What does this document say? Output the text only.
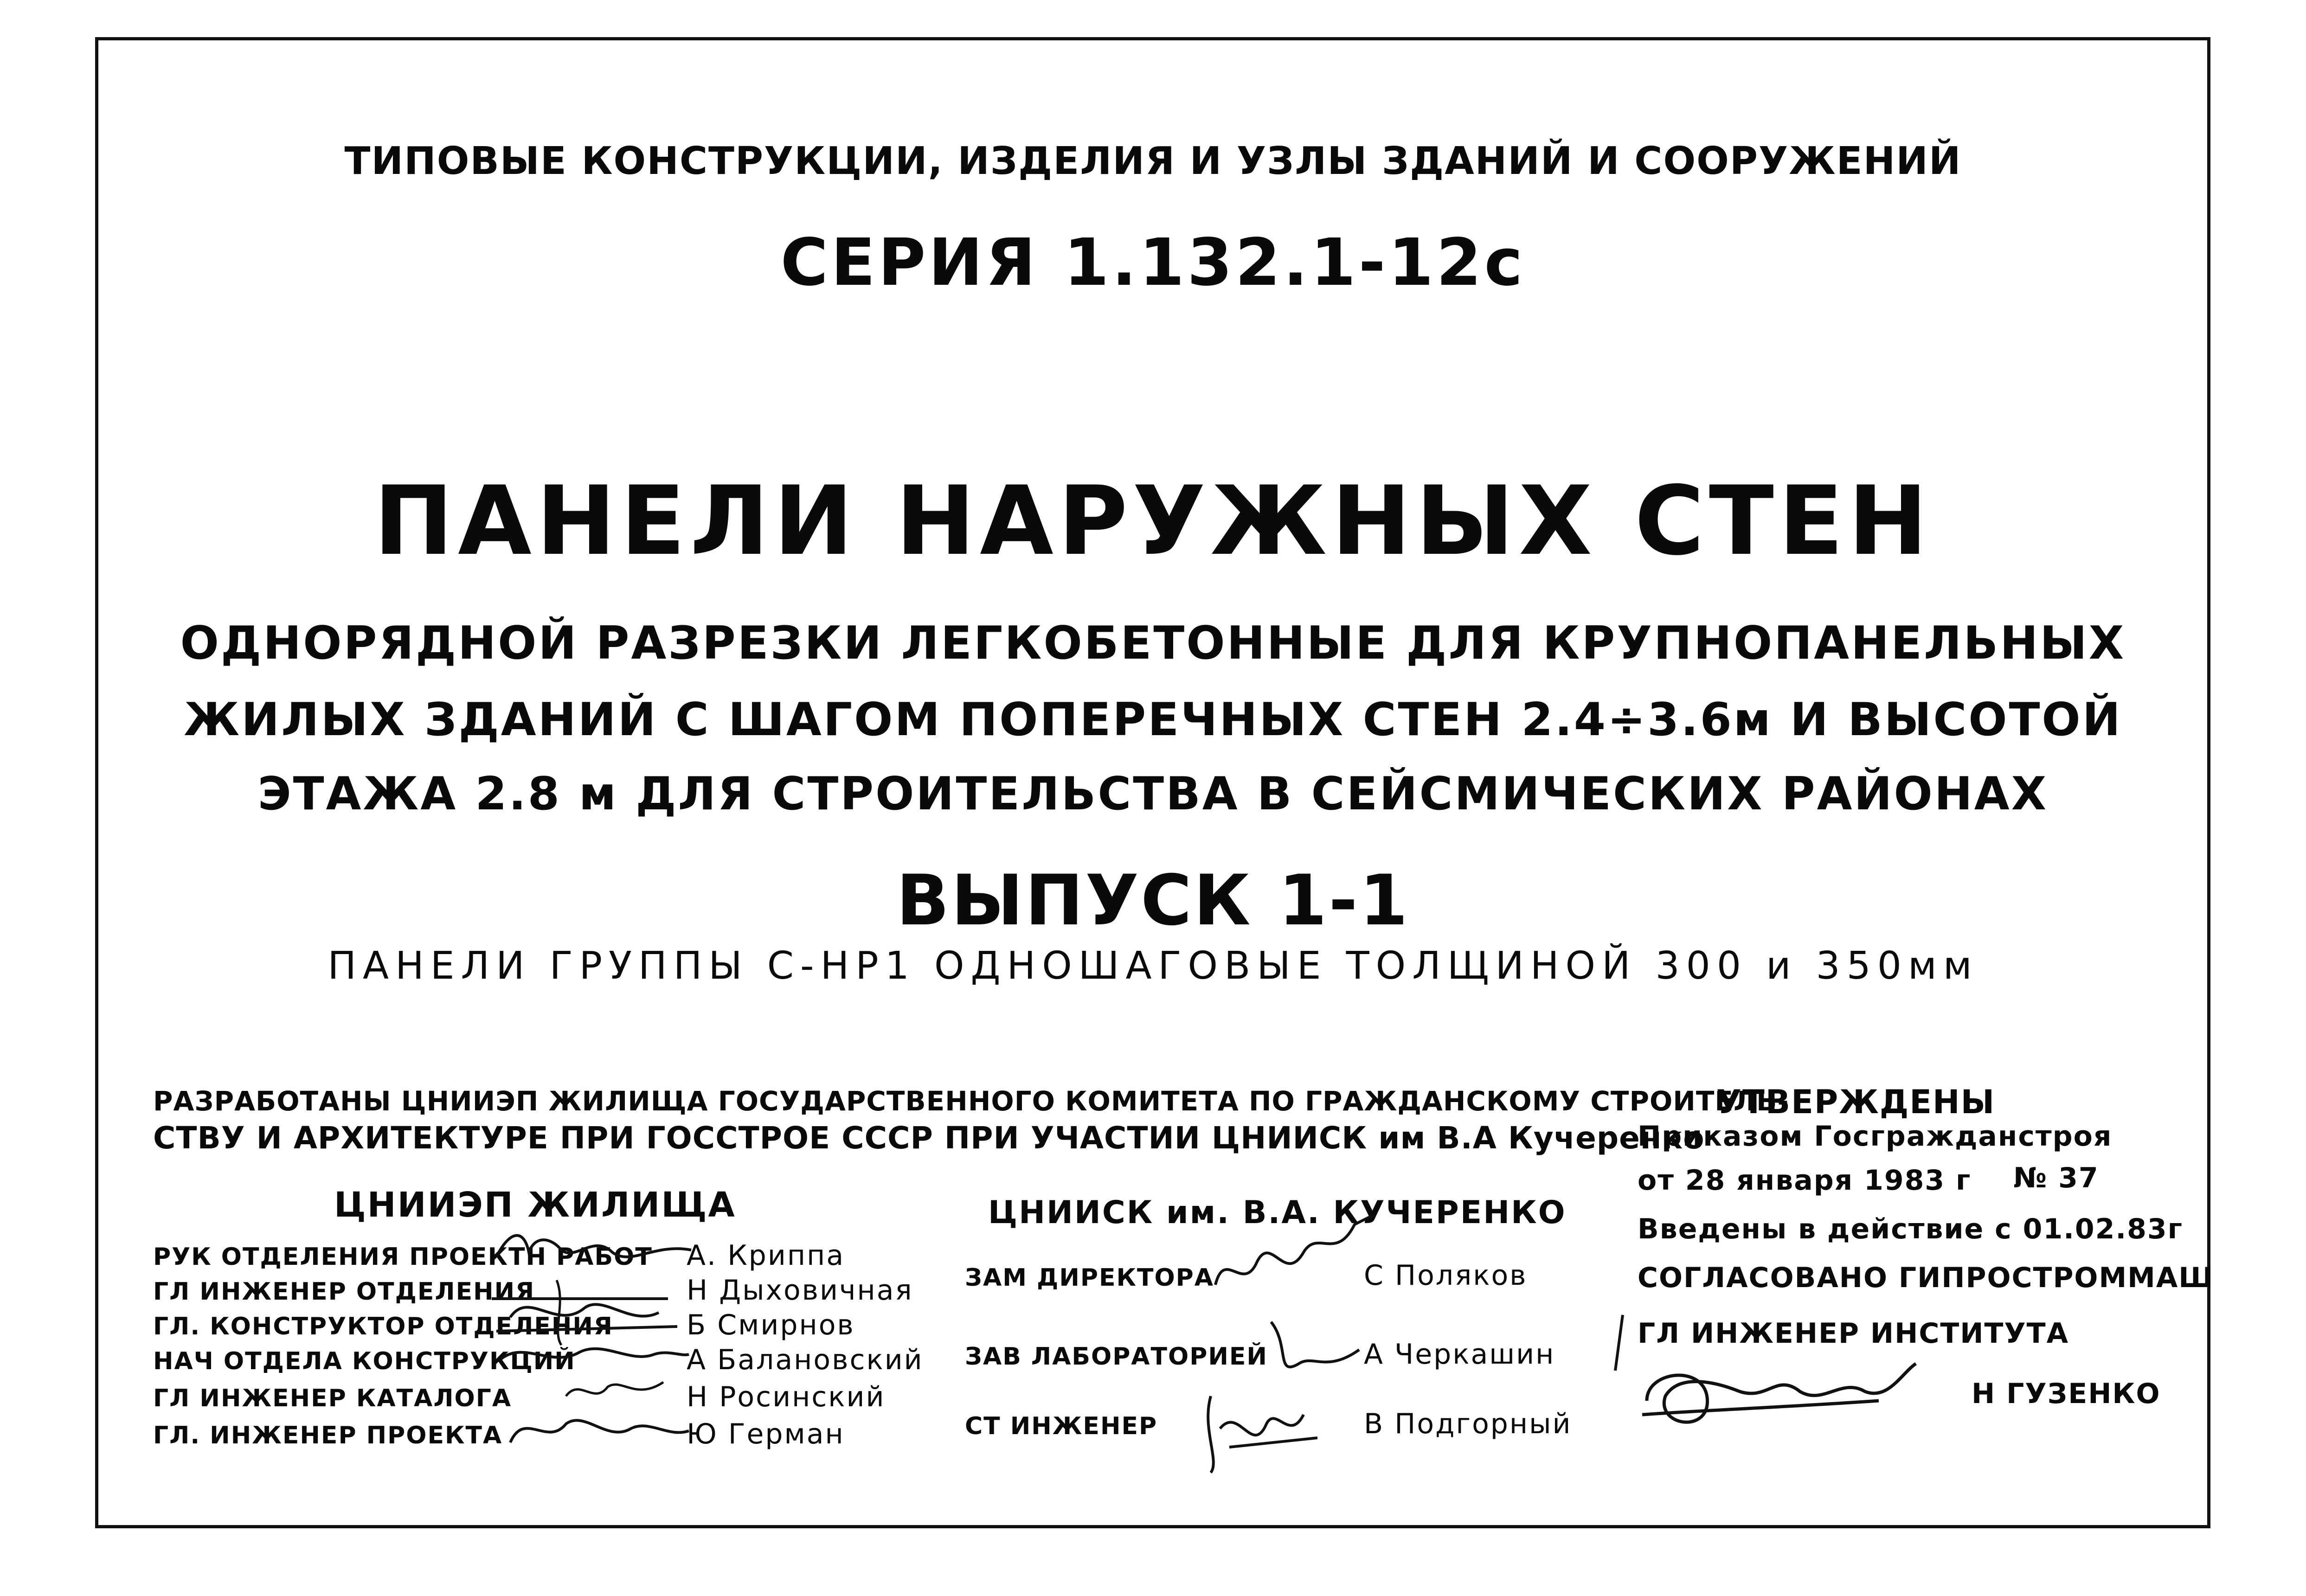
ТИПОВЫЕ КОНСТРУКЦИИ, ИЗДЕЛИЯ И УЗЛЫ ЗДАНИЙ И СООРУЖЕНИЙ
СЕРИЯ 1.132.1-12с
ПАНЕЛИ НАРУЖНЫХ СТЕН
ОДНОРЯДНОЙ РАЗРЕЗКИ ЛЕГКОБЕТОННЫЕ ДЛЯ КРУПНОПАНЕЛЬНЫХ
ЖИЛЫХ ЗДАНИЙ С ШАГОМ ПОПЕРЕЧНЫХ СТЕН 2.4÷3.6м И ВЫСОТОЙ
ЭТАЖА 2.8 м ДЛЯ СТРОИТЕЛЬСТВА В СЕЙСМИЧЕСКИХ РАЙОНАХ
ВЫПУСК 1-1
ПАНЕЛИ ГРУППЫ С-НР1 ОДНОШАГОВЫЕ ТОЛЩИНОЙ 300 и 350мм
РАЗРАБОТАНЫ ЦНИИЭП ЖИЛИЩА ГОСУДАРСТВЕННОГО КОМИТЕТА ПО ГРАЖДАНСКОМУ СТРОИТЕЛЬ-
СТВУ И АРХИТЕКТУРЕ ПРИ ГОССТРОЕ СССР ПРИ УЧАСТИИ ЦНИИСК им В.А Кучеренко
ЦНИИЭП ЖИЛИЩА
РУК ОТДЕЛЕНИЯ ПРОЕКТН РАБОТ А. Криппа
ГЛ ИНЖЕНЕР ОТДЕЛЕНИЯ	Н Дыховичная
ГЛ. КОНСТРУКТОР ОТДЕЛЕНИЯ	Б Смирнов
НАЧ ОТДЕЛА КОНСТРУКЦИЙ	А Балановский
ГЛ ИНЖЕНЕР КАТАЛОГА	Н Росинский
ГЛ. ИНЖЕНЕР ПРОЕКТА	Ю Герман
ЦНИИСК им. В.А. КУЧЕРЕНКО
ЗАМ ДИРЕКТОРА	С Поляков
ЗАВ ЛАБОРАТОРИЕЙ	А Черкашин
СТ ИНЖЕНЕР	В Подгорный
УТВЕРЖДЕНЫ
Приказом Госгражданстроя
от 28 января 1983 г № 37
Введены в действие с 01.02.83г
СОГЛАСОВАНО ГИПРОСТРОММАШ
ГЛ ИНЖЕНЕР ИНСТИТУТА
Н ГУЗЕНКО
